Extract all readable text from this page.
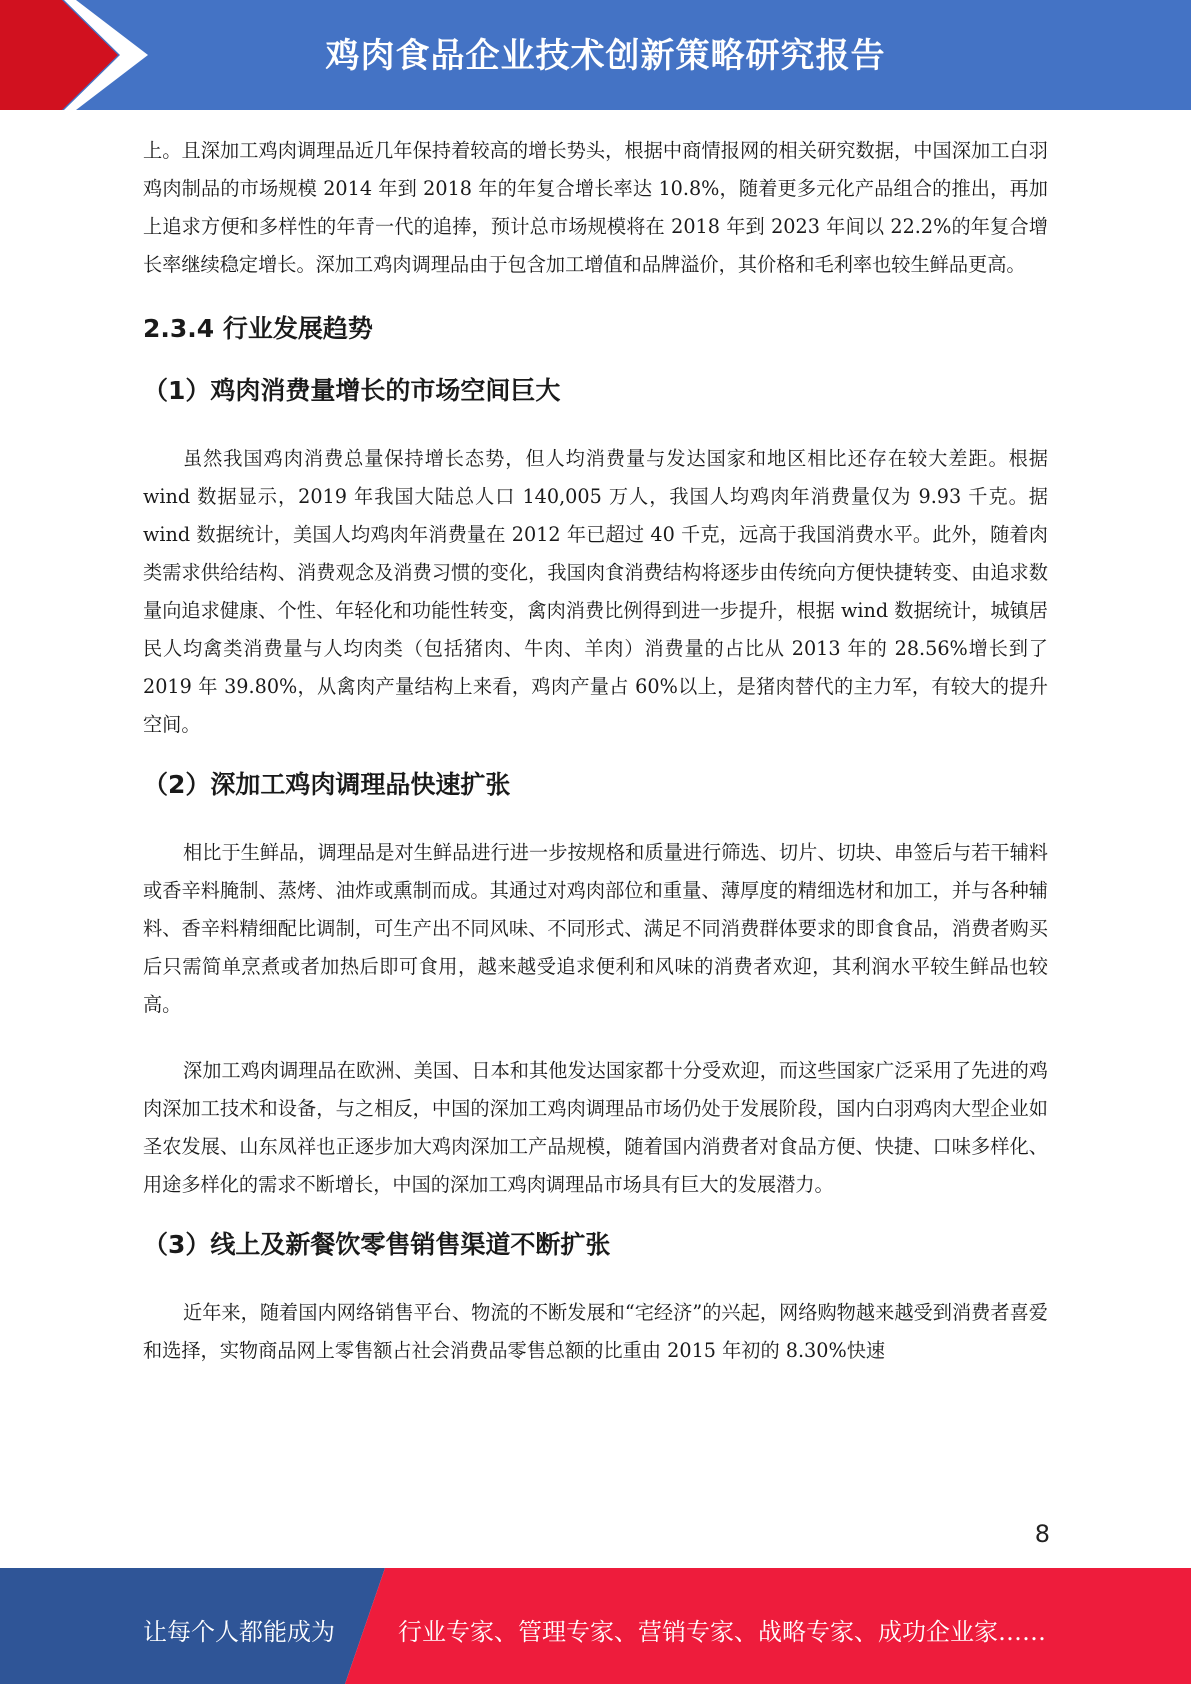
鸡肉食品企业技术创新策略研究报告

上。且深加工鸡肉调理品近几年保持着较高的增长势头，根据中商情报网的相关研究数据，中国深加工白羽鸡肉制品的市场规模 2014 年到 2018 年的年复合增长率达 10.8%，随着更多元化产品组合的推出，再加上追求方便和多样性的年青一代的追捧，预计总市场规模将在 2018 年到 2023 年间以 22.2%的年复合增长率继续稳定增长。深加工鸡肉调理品由于包含加工增值和品牌溢价，其价格和毛利率也较生鲜品更高。

2.3.4 行业发展趋势
（1）鸡肉消费量增长的市场空间巨大

虽然我国鸡肉消费总量保持增长态势，但人均消费量与发达国家和地区相比还存在较大差距。根据 wind 数据显示，2019 年我国大陆总人口 140,005 万人，我国人均鸡肉年消费量仅为 9.93 千克。据 wind 数据统计，美国人均鸡肉年消费量在 2012 年已超过 40 千克，远高于我国消费水平。此外，随着肉类需求供给结构、消费观念及消费习惯的变化，我国肉食消费结构将逐步由传统向方便快捷转变、由追求数量向追求健康、个性、年轻化和功能性转变，禽肉消费比例得到进一步提升，根据 wind 数据统计，城镇居民人均禽类消费量与人均肉类（包括猪肉、牛肉、羊肉）消费量的占比从 2013 年的 28.56%增长到了 2019 年 39.80%，从禽肉产量结构上来看，鸡肉产量占 60%以上，是猪肉替代的主力军，有较大的提升空间。

（2）深加工鸡肉调理品快速扩张

相比于生鲜品，调理品是对生鲜品进行进一步按规格和质量进行筛选、切片、切块、串签后与若干辅料或香辛料腌制、蒸烤、油炸或熏制而成。其通过对鸡肉部位和重量、薄厚度的精细选材和加工，并与各种辅料、香辛料精细配比调制，可生产出不同风味、不同形式、满足不同消费群体要求的即食食品，消费者购买后只需简单烹煮或者加热后即可食用，越来越受追求便利和风味的消费者欢迎，其利润水平较生鲜品也较高。

深加工鸡肉调理品在欧洲、美国、日本和其他发达国家都十分受欢迎，而这些国家广泛采用了先进的鸡肉深加工技术和设备，与之相反，中国的深加工鸡肉调理品市场仍处于发展阶段，国内白羽鸡肉大型企业如圣农发展、山东凤祥也正逐步加大鸡肉深加工产品规模，随着国内消费者对食品方便、快捷、口味多样化、用途多样化的需求不断增长，中国的深加工鸡肉调理品市场具有巨大的发展潜力。

（3）线上及新餐饮零售销售渠道不断扩张

近年来，随着国内网络销售平台、物流的不断发展和“宅经济”的兴起，网络购物越来越受到消费者喜爱和选择，实物商品网上零售额占社会消费品零售总额的比重由 2015 年初的 8.30%快速

8
让每个人都能成为	行业专家、管理专家、营销专家、战略专家、成功企业家……
